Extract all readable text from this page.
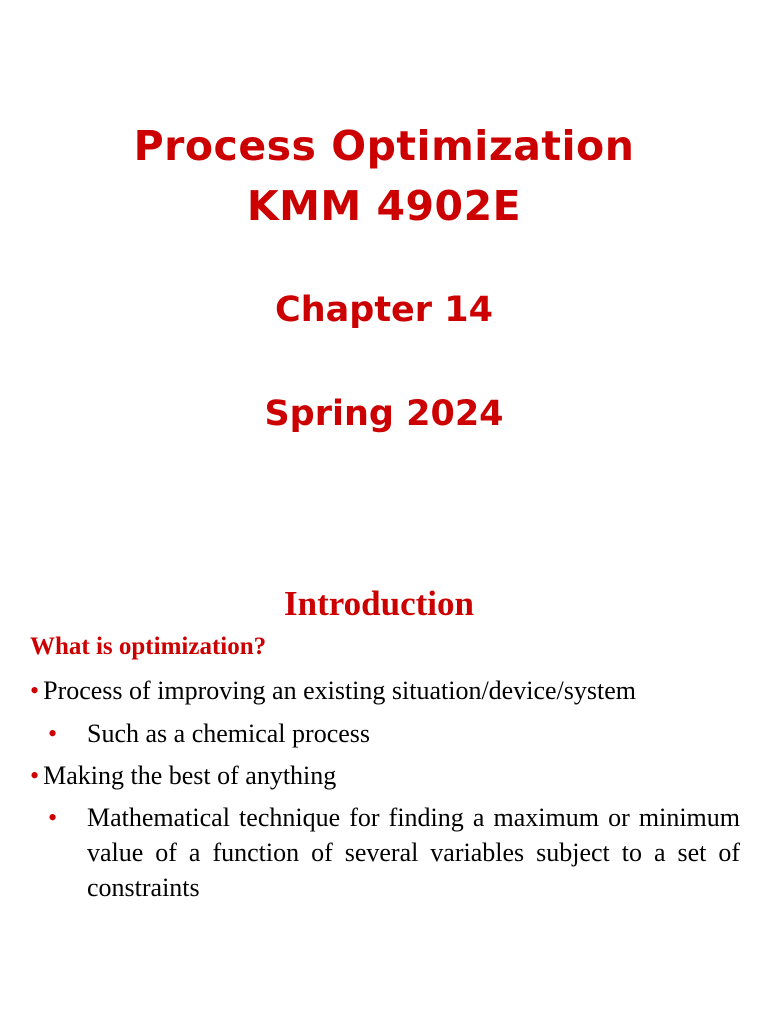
Process Optimization
KMM 4902E
Chapter 14
Spring 2024
Introduction
What is optimization?
• Process of improving an existing situation/device/system
• Such as a chemical process
• Making the best of anything
• Mathematical technique for finding a maximum or minimum value of a function of several variables subject to a set of constraints
